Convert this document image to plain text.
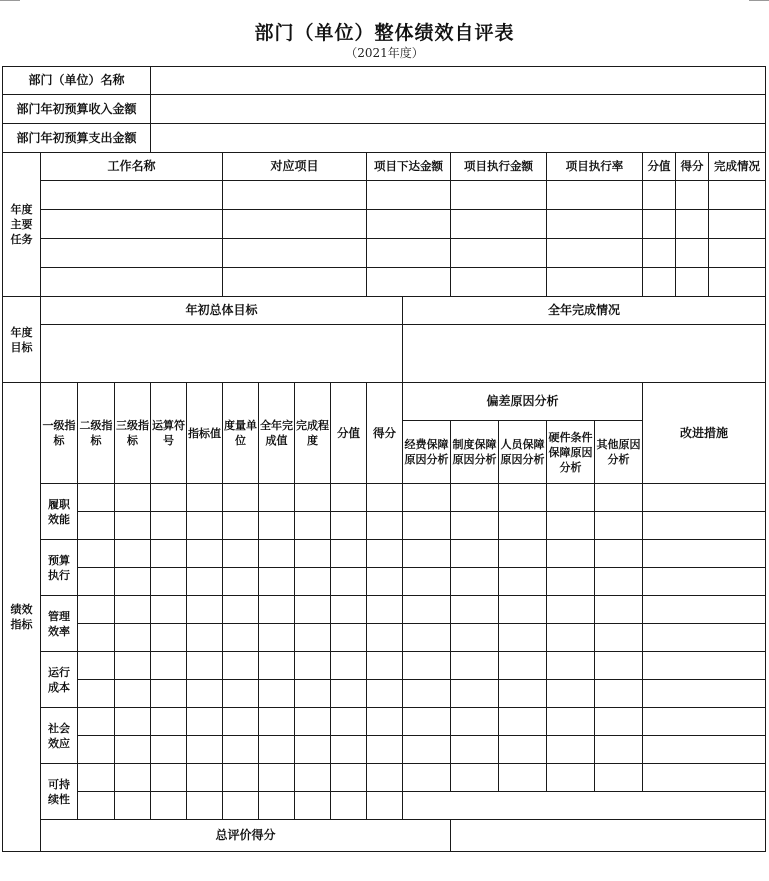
部门（单位）整体绩效自评表
（2021年度）
部门（单位）名称																		
部门年初预算收入金额																		
部门年初预算支出金额																		

年度主要任务	工作名称					对应项目				项目下达金额		项目执行金额		项目执行率		分值	得分	完成情况

年度目标	年初总体目标										全年完成情况							

绩效指标	一级指标	二级指标	三级指标	运算符号	指标值	度量单位	全年完成值	完成程度	分值	得分	偏差原因分析					改进措施		
											经费保障原因分析	制度保障原因分析	人员保障原因分析	硬件条件保障原因分析	其他原因分析			

	履职效能																	

	预算执行																	

	管理效率																	

	运行成本																	

	社会效应																	

	可持续性																	

	总评价得分																	
